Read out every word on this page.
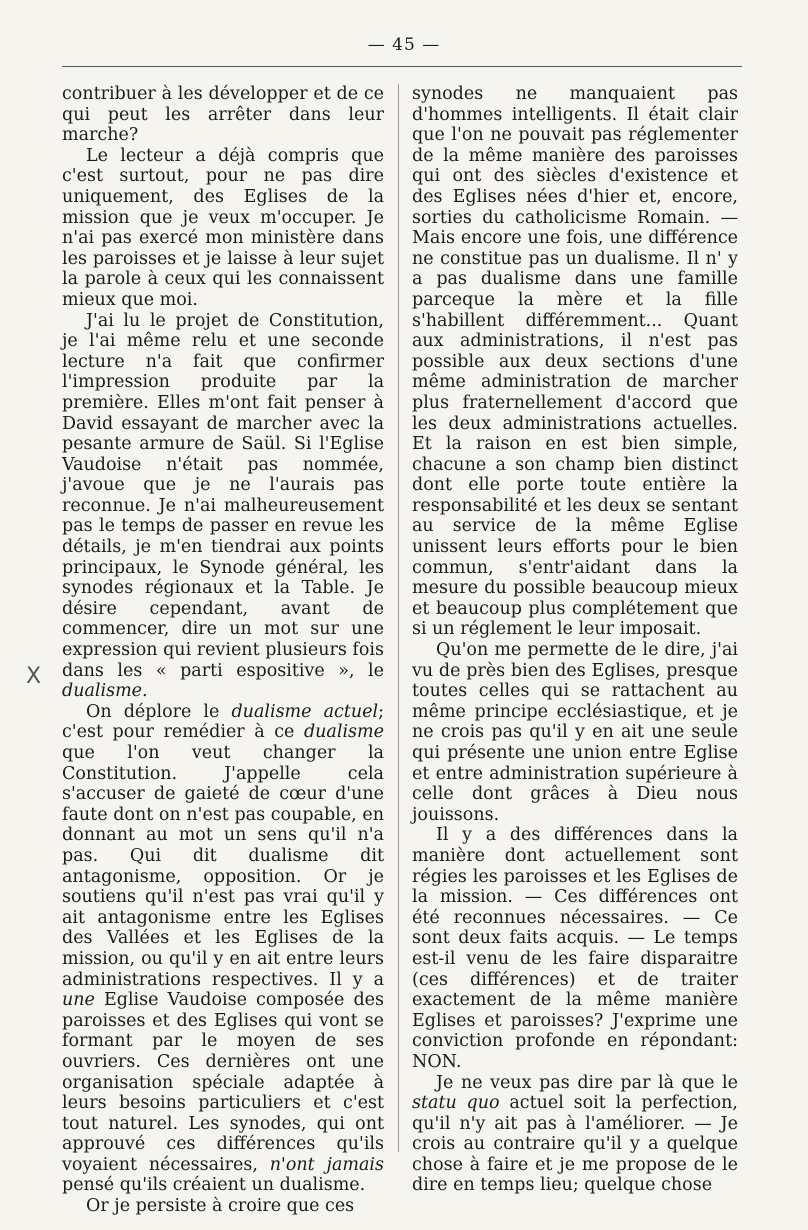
— 45 —
X

contribuer à les développer et de ce qui peut les arrêter dans leur marche?

Le lecteur a déjà compris que c'est surtout, pour ne pas dire uniquement, des Eglises de la mission que je veux m'occuper. Je n'ai pas exercé mon ministère dans les paroisses et je laisse à leur sujet la parole à ceux qui les connaissent mieux que moi.

J'ai lu le projet de Constitution, je l'ai même relu et une seconde lecture n'a fait que confirmer l'impression produite par la première. Elles m'ont fait penser à David essayant de marcher avec la pesante armure de Saül. Si l'Eglise Vaudoise n'était pas nommée, j'avoue que je ne l'aurais pas reconnue. Je n'ai malheureusement pas le temps de passer en revue les détails, je m'en tiendrai aux points principaux, le Synode général, les synodes régionaux et la Table. Je désire cependant, avant de commencer, dire un mot sur une expression qui revient plusieurs fois dans les « parti espositive », le dualisme.

On déplore le dualisme actuel; c'est pour remédier à ce dualisme que l'on veut changer la Constitution. J'appelle cela s'accuser de gaieté de cœur d'une faute dont on n'est pas coupable, en donnant au mot un sens qu'il n'a pas. Qui dit dualisme dit antagonisme, opposition. Or je soutiens qu'il n'est pas vrai qu'il y ait antagonisme entre les Eglises des Vallées et les Eglises de la mission, ou qu'il y en ait entre leurs administrations respectives. Il y a une Eglise Vaudoise composée des paroisses et des Eglises qui vont se formant par le moyen de ses ouvriers. Ces dernières ont une organisation spéciale adaptée à leurs besoins particuliers et c'est tout naturel. Les synodes, qui ont approuvé ces différences qu'ils voyaient nécessaires, n'ont jamais pensé qu'ils créaient un dualisme.

Or je persiste à croire que ces

synodes ne manquaient pas d'hommes intelligents. Il était clair que l'on ne pouvait pas réglementer de la même manière des paroisses qui ont des siècles d'existence et des Eglises nées d'hier et, encore, sorties du catholicisme Romain. — Mais encore une fois, une différence ne constitue pas un dualisme. Il n' y a pas dualisme dans une famille parceque la mère et la fille s'habillent différemment... Quant aux administrations, il n'est pas possible aux deux sections d'une même administration de marcher plus fraternellement d'accord que les deux administrations actuelles. Et la raison en est bien simple, chacune a son champ bien distinct dont elle porte toute entière la responsabilité et les deux se sentant au service de la même Eglise unissent leurs efforts pour le bien commun, s'entr'aidant dans la mesure du possible beaucoup mieux et beaucoup plus complétement que si un réglement le leur imposait.

Qu'on me permette de le dire, j'ai vu de près bien des Eglises, presque toutes celles qui se rattachent au même principe ecclésiastique, et je ne crois pas qu'il y en ait une seule qui présente une union entre Eglise et entre administration supérieure à celle dont grâces à Dieu nous jouissons.

Il y a des différences dans la manière dont actuellement sont régies les paroisses et les Eglises de la mission. — Ces différences ont été reconnues nécessaires. — Ce sont deux faits acquis. — Le temps est-il venu de les faire disparaitre (ces différences) et de traiter exactement de la même manière Eglises et paroisses? J'exprime une conviction profonde en répondant: NON.

Je ne veux pas dire par là que le statu quo actuel soit la perfection, qu'il n'y ait pas à l'améliorer. — Je crois au contraire qu'il y a quelque chose à faire et je me propose de le dire en temps lieu; quelque chose
